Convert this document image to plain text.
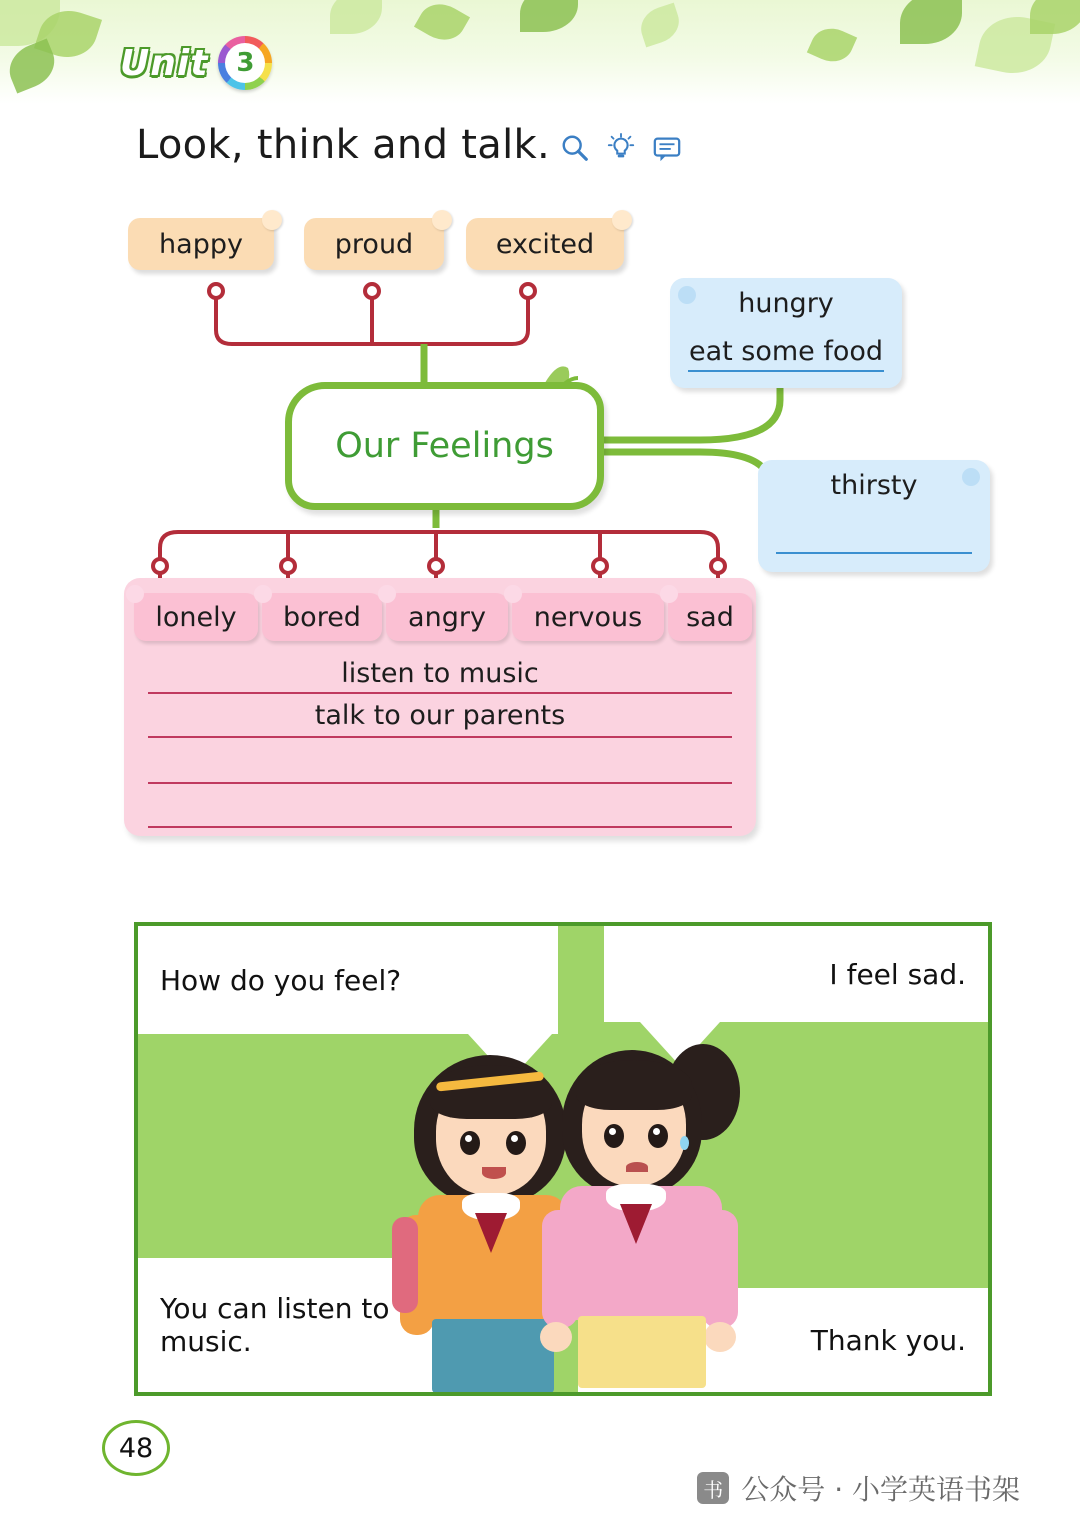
Unit	3
Look, think and talk.
happy	proud	excited
Our Feelings
hungry
eat some food
thirsty
lonely bored angry nervous sad
listen to music
talk to our parents
How do you feel?	I feel sad.
You can listen to music.	Thank you.
48
书 公众号 · 小学英语书架
